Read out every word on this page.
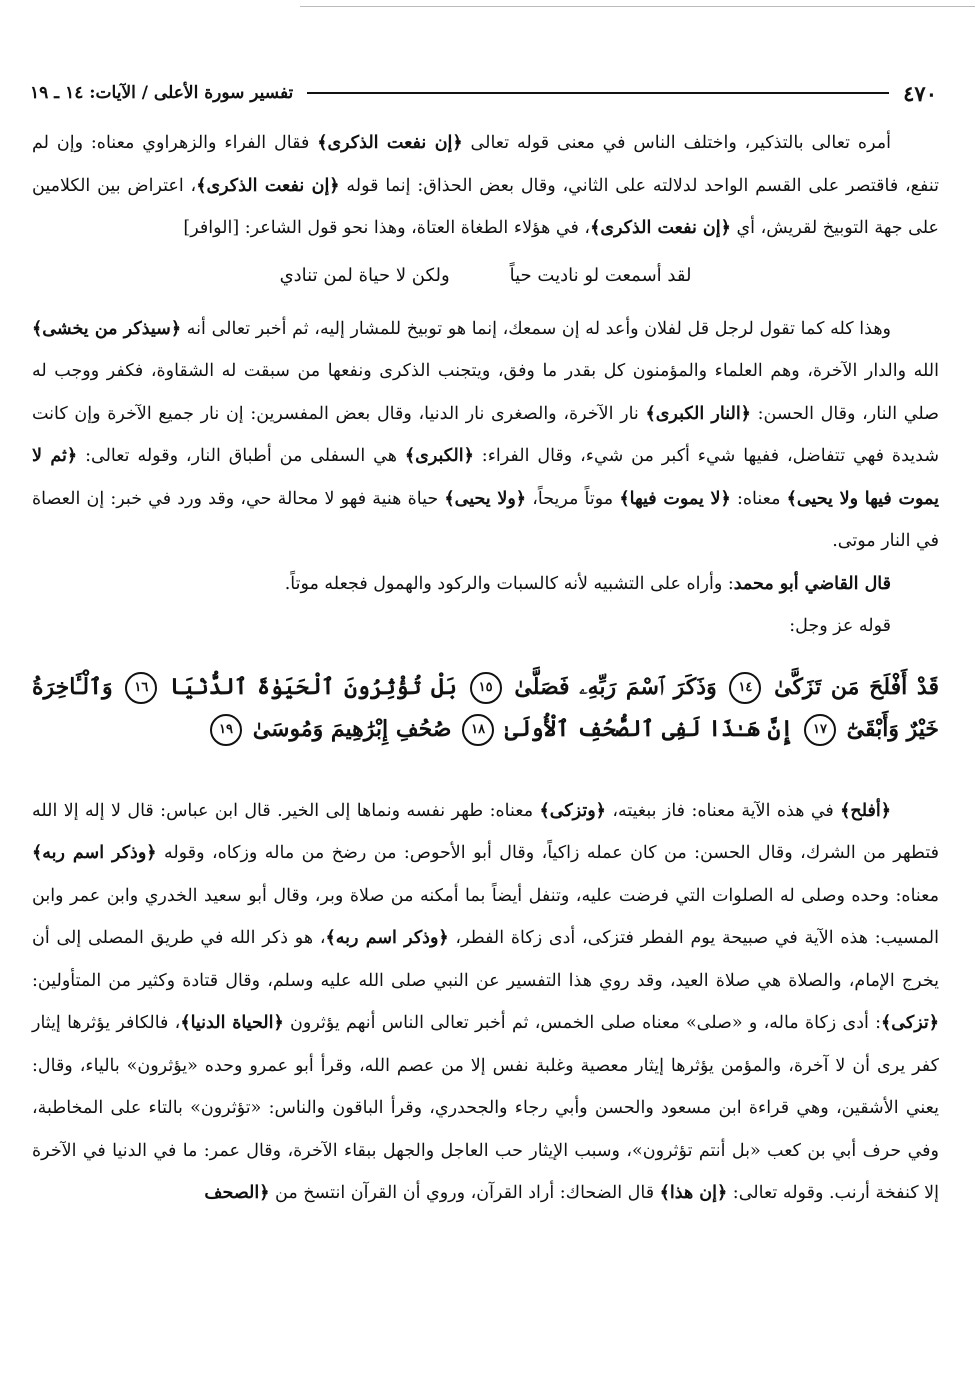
٤٧٠
تفسير سورة الأعلى / الآيات: ١٤ ـ ١٩

أمره تعالى بالتذكير، واختلف الناس في معنى قوله تعالى ﴿إن نفعت الذكرى﴾ فقال الفراء والزهراوي معناه: وإن لم تنفع، فاقتصر على القسم الواحد لدلالته على الثاني، وقال بعض الحذاق: إنما قوله ﴿إن نفعت الذكرى﴾، اعتراض بين الكلامين على جهة التوبيخ لقريش، أي ﴿إن نفعت الذكرى﴾، في هؤلاء الطغاة العتاة، وهذا نحو قول الشاعر: [الوافر]

لقد أسمعت لو ناديت حياً
ولكن لا حياة لمن تنادي

وهذا كله كما تقول لرجل قل لفلان وأعد له إن سمعك، إنما هو توبيخ للمشار إليه، ثم أخبر تعالى أنه ﴿سيذكر من يخشى﴾ الله والدار الآخرة، وهم العلماء والمؤمنون كل بقدر ما وفق، ويتجنب الذكرى ونفعها من سبقت له الشقاوة، فكفر ووجب له صلي النار، وقال الحسن: ﴿النار الكبرى﴾ نار الآخرة، والصغرى نار الدنيا، وقال بعض المفسرين: إن نار جميع الآخرة وإن كانت شديدة فهي تتفاضل، ففيها شيء أكبر من شيء، وقال الفراء: ﴿الكبرى﴾ هي السفلى من أطباق النار، وقوله تعالى: ﴿ثم لا يموت فيها ولا يحيى﴾ معناه: ﴿لا يموت فيها﴾ موتاً مريحاً، ﴿ولا يحيى﴾ حياة هنية فهو لا محالة حي، وقد ورد في خبر: إن العصاة في النار موتى.

قال القاضي أبو محمد: وأراه على التشبيه لأنه كالسبات والركود والهمول فجعله موتاً.

قوله عز وجل:

قَدْ أَفْلَحَ مَن تَزَكَّىٰ ١٤ وَذَكَرَ ٱسْمَ رَبِّهِۦ فَصَلَّىٰ ١٥ بَلْ تُؤْثِرُونَ ٱلْحَيَوٰةَ ٱلدُّنْيَا ١٦ وَٱلْـَٔاخِرَةُ خَيْرٌ وَأَبْقَىٰٓ ١٧ إِنَّ هَـٰذَا لَفِى ٱلصُّحُفِ ٱلْأُولَىٰ ١٨ صُحُفِ إِبْرَٰهِيمَ وَمُوسَىٰ ١٩

﴿أفلح﴾ في هذه الآية معناه: فاز ببغيته، ﴿وتزكى﴾ معناه: طهر نفسه ونماها إلى الخير. قال ابن عباس: قال لا إله إلا الله فتطهر من الشرك، وقال الحسن: من كان عمله زاكياً، وقال أبو الأحوص: من رضخ من ماله وزكاه، وقوله ﴿وذكر اسم ربه﴾ معناه: وحده وصلى له الصلوات التي فرضت عليه، وتنفل أيضاً بما أمكنه من صلاة وبر، وقال أبو سعيد الخدري وابن عمر وابن المسيب: هذه الآية في صبيحة يوم الفطر فتزكى، أدى زكاة الفطر، ﴿وذكر اسم ربه﴾، هو ذكر الله في طريق المصلى إلى أن يخرج الإمام، والصلاة هي صلاة العيد، وقد روي هذا التفسير عن النبي صلى الله عليه وسلم، وقال قتادة وكثير من المتأولين: ﴿تزكى﴾: أدى زكاة ماله، و «صلى» معناه صلى الخمس، ثم أخبر تعالى الناس أنهم يؤثرون ﴿الحياة الدنيا﴾، فالكافر يؤثرها إيثار كفر يرى أن لا آخرة، والمؤمن يؤثرها إيثار معصية وغلبة نفس إلا من عصم الله، وقرأ أبو عمرو وحده «يؤثرون» بالياء، وقال: يعني الأشقين، وهي قراءة ابن مسعود والحسن وأبي رجاء والجحدري، وقرأ الباقون والناس: «تؤثرون» بالتاء على المخاطبة، وفي حرف أبي بن كعب «بل أنتم تؤثرون»، وسبب الإيثار حب العاجل والجهل ببقاء الآخرة، وقال عمر: ما في الدنيا في الآخرة إلا كنفخة أرنب. وقوله تعالى: ﴿إن هذا﴾ قال الضحاك: أراد القرآن، وروي أن القرآن انتسخ من ﴿الصحف
